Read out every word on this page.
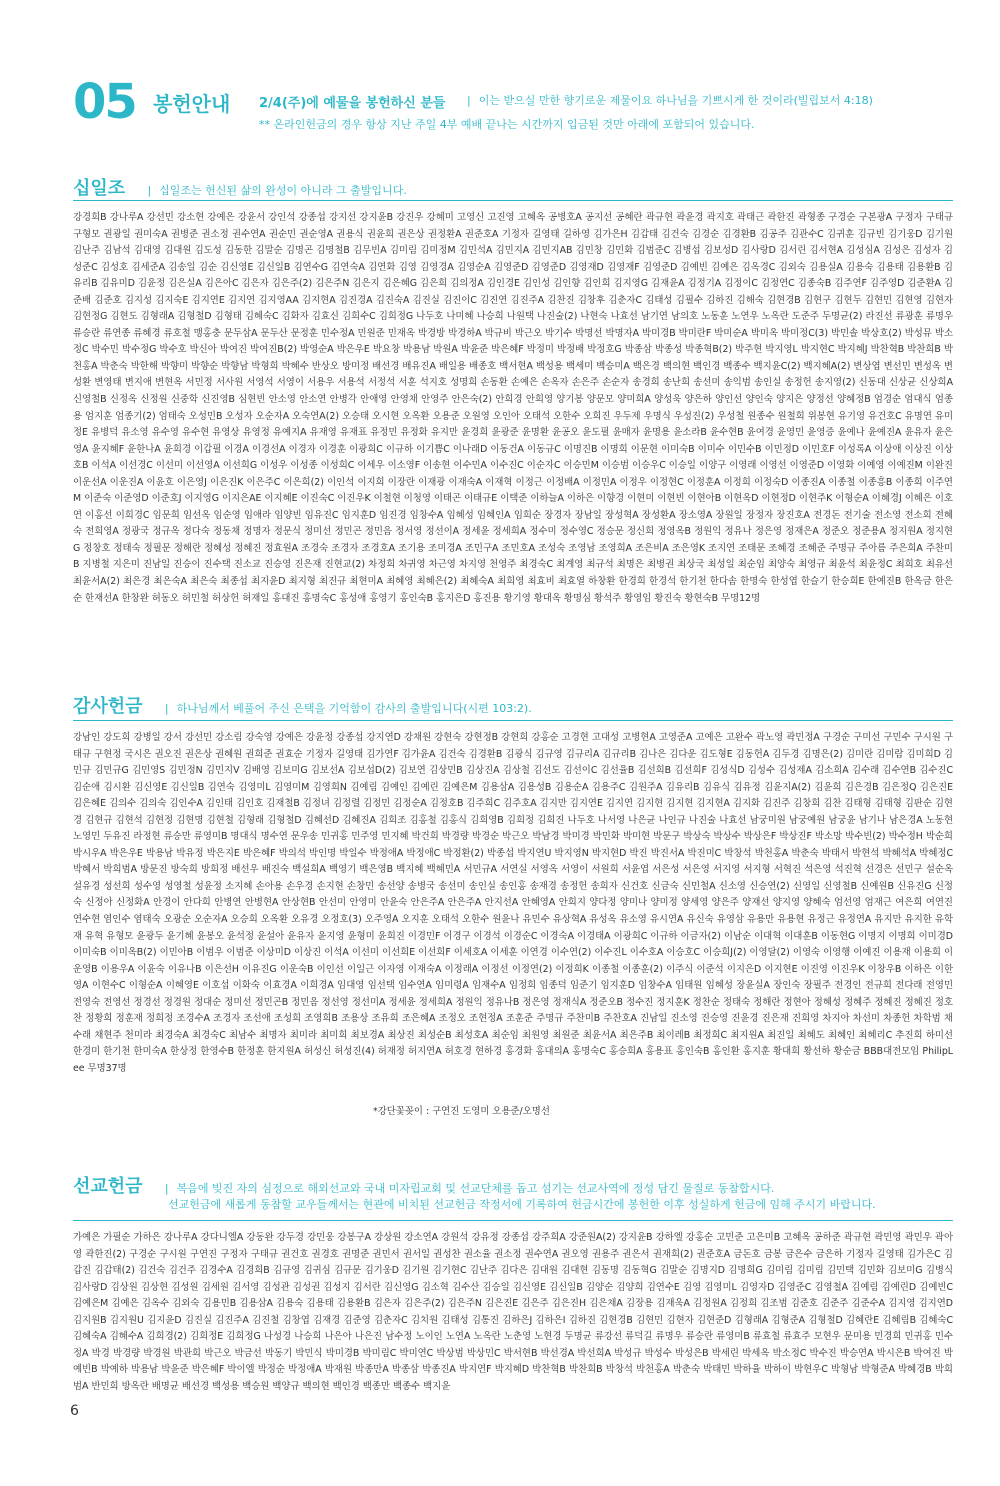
05 봉헌안내 2/4(주)에 예물을 봉헌하신 분들	| 이는 받으실 만한 향기로운 제물이요 하나님을 기쁘시게 한 것이라(빌립보서 4:18)
** 온라인헌금의 경우 항상 지난 주일 4부 예배 끝나는 시간까지 입금된 것만 아래에 포함되어 있습니다.
십일조 | 십일조는 헌신된 삶의 완성이 아니라 그 출발입니다.
강경희B 강나루A 강선민 강소현 강예은 강윤서 강인석 강종섭 강지선 강지윤B 강진우 강혜미 고영신 고진영 고혜옥 공병호A 공지선 공혜란 곽규현 곽윤경 곽지호 곽태근 곽한진 곽형종 구경순 구본광A 구정자 구태규 구형모 권광일 권미숙A 권병준 권소정 권수연A 권순민 권순영A 권용식 권윤희 권은상 권정환A 권준호A 기정자 길영태 길하영 김가은H 김갑태 김건숙 김경순 김경환B 김공주 김관수C 김귀훈 김규빈 김기웅D 김기원 김난주 김남석 김대영 김대원 김도성 김동한 김말순 김명곤 김명철B 김무빈A 김미림 김미정M 김민석A 김민지A 김민지AB 김민창 김민화 김범준C 김병섭 김보성D 김사랑D 김서린 김서현A 김성심A 김성은 김성자 김성준C 김성호 김세준A 김송일 김순 김신영E 김신일B 김연수G 김연숙A 김연화 김영 김영경A 김영순A 김영준D 김영준D 김영재D 김영재F 김영준D 김예빈 김예은 김옥경C 김외숙 김용실A 김용숙 김용태 김용환B 김유리B 김유미D 김윤정 김은실A 김은아C 김은자 김은주(2) 김은주N 김은지 김은혜G 김은희 김의정A 김인경E 김인성 김인향 김인희 김지영G 김재윤A 김정기A 김정이C 김정연C 김종숙B 김주연F 김주영D 김준환A 김준배 김준호 김지성 김지숙E 김지연E 김지연 김지영AA 김지현A 김진경A 김진숙A 김진실 김진이C 김진연 김진주A 김찬진 김창후 김춘자C 김태성 김필수 김하진 김해숙 김현경B 김현구 김현두 김현민 김현영 김현자 김현정G 김현도 김형래A 김형철D 김형태 김혜숙C 김화자 김효신 김희수C 김희정G 나두호 나미혜 나승희 나원택 나진술(2) 나현숙 나효선 남기연 남의호 노동훈 노연우 노옥란 도준주 두명균(2) 라진선 류광훈 류명우 류승란 류연종 류혜경 류호철 맹홍충 문두삼A 문두산 문정훈 민수정A 민원준 민재옥 박경방 박경하A 박규비 박근오 박기수 박명선 박명자A 박미경B 박미란F 박미순A 박미옥 박미정C(3) 박민솔 박상호(2) 박성뮤 박소정C 박수민 박수정G 박수호 박신아 박여진 박여진B(2) 박영순A 박은우E 박요창 박용남 박원A 박윤준 박은혜F 박정미 박정배 박정호G 박종삼 박종성 박종혁B(2) 박주현 박지영L 박지현C 박지혜J 박찬혁B 박찬희B 박천홍A 박춘숙 박한해 박향미 박향순 박향남 박형희 박혜수 반상오 방미정 배선경 배유진A 배일용 배종호 백서현A 백성용 백세미 백승미A 백은경 백의현 백인경 백종수 백지윤C(2) 백지혜A(2) 변상엽 변선민 변성옥 변성환 변영태 변지애 변현옥 서민정 서사원 서영석 서영이 서용우 서용석 서정석 서훈 석지호 성명희 손동환 손예은 손옥자 손은주 손순자 송경희 송난희 송선미 송익범 송인실 송정헌 송지영(2) 신동대 신상균 신상희A 신영철B 신정옥 신정원 신중학 신진영B 심현빈 안소영 안소연 안병각 안애영 안영채 안영주 안은숙(2) 안희경 안희영 양기봉 양문모 양미희A 양성욱 양은하 양인선 양인숙 양지은 양정선 양혜정B 엄경순 엄대식 엄종용 엄지훈 엄종기(2) 엄태숙 오성민B 오성자 오순자A 오숙연A(2) 오승태 오시현 오옥환 오용준 오원영 오인아 오태석 오한수 오희진 우두제 우명식 우성진(2) 우성철 원종수 원철희 위봉현 유기영 유건호C 유명연 유미정E 유병덕 유소영 유수영 유수현 유영상 유영정 유예지A 유재영 유재표 유정민 유정화 유지만 윤경희 윤광준 윤명환 윤공오 윤도필 윤매자 윤명용 윤소라B 윤수현B 윤여경 윤영민 윤영증 윤예나 윤예진A 윤유자 윤은영A 윤지혜F 윤한나A 윤희경 이갑필 이경A 이경선A 이경자 이경훈 이광희C 이규하 이기쁨C 이나래D 이동건A 이동규C 이명진B 이명희 이문현 이미숙B 이미수 이민수B 이민정D 이민호F 이성록A 이상애 이상진 이상호B 이석A 이선경C 이선미 이선영A 이선희G 이성우 이성종 이성희C 이세우 이소영F 이송현 이수민A 이수진C 이순자C 이승민M 이승범 이승우C 이승일 이양구 이영래 이영선 이영준D 이영화 이예영 이예진M 이완진 이운선A 이운진A 이윤호 이은영J 이은진K 이은주C 이은희(2) 이인석 이지희 이장란 이재광 이재숙A 이재혁 이정근 이정배A 이정민A 이정우 이정현C 이정훈A 이정희 이정숙D 이종진A 이종철 이종흥B 이종희 이주연M 이준숙 이준영D 이준호J 이지영G 이지은AE 이지혜E 이진숙C 이진우K 이철현 이청영 이태곤 이태규E 이택준 이하늘A 이하은 이향경 이현미 이현빈 이현아B 이현옥D 이현정D 이현주K 이형순A 이혜경J 이혜은 이호연 이홍선 이희경C 임문희 임선옥 임순영 임애라 임양빈 임유진C 임지훈D 임진경 임창수A 임혜성 임혜인A 임희순 장경자 장남일 장성혁A 장성환A 장소영A 장원일 장정자 장진호A 전경돈 전기술 전소영 전소희 전혜숙 전희영A 정광국 정규옥 정다숙 정동채 정명자 정문식 정미선 정민곤 정민음 정서영 정선이A 정세윤 정세희A 정수미 정수영C 정승문 정신희 정영옥B 정원익 정유나 정은영 정재은A 정준오 정준용A 정지원A 정지현G 정창호 정태숙 정필문 정해란 정혜성 정혜진 정효원A 조경숙 조경자 조경호A 조기용 조미경A 조민구A 조민호A 조성숙 조영남 조영희A 조은비A 조은영K 조지연 조태문 조혜경 조혜준 주명규 주아름 주은희A 주찬미B 지병철 지은미 진남일 진승이 진수택 진소교 진승영 진은재 진현교(2) 차정희 차귀영 차근영 차지영 천영주 최경숙C 최계영 최규석 최명은 최병권 최상국 최성일 최순임 최양숙 최영규 최윤석 최윤정C 최희호 최유선 최윤서A(2) 최은경 최은숙A 최은숙 최종섭 최지윤D 최지형 최진규 최현미A 최혜영 최혜은(2) 최혜숙A 최희영 최효비 최효열 하창환 한경희 한경석 한기천 한다솜 한명숙 한성엽 한슬기 한승희E 한예진B 한옥금 한은순 한재선A 한창완 허동오 허민철 허상헌 허재일 홍대진 홍명숙C 홍성애 홍영기 홍인숙B 홍지은D 홍진용 황기영 황대옥 황명심 황석주 황영임 황진숙 황현숙B 무명12명
감사헌금 | 하나님께서 베풀어 주신 은택을 기억함이 감사의 출발입니다(시편 103:2).
강남인 강도희 강병일 강서 강선민 강소림 강숙영 강예은 강윤정 강종섭 강지연D 강채원 강현숙 강현정B 강현희 강홍순 고경현 고대성 고병현A 고영준A 고예은 고완수 곽노영 곽민정A 구경순 구미선 구민수 구시원 구태규 구현정 국시은 권오진 권은상 권혜원 권희준 권효순 기정자 길영태 김가연F 김가윤A 김건숙 김경환B 김광식 김규영 김규리A 김규리B 김나은 김다운 김도형E 김동헌A 김두경 김명은(2) 김미란 김미람 김미희D 김민규 김민규G 김민영S 김민정N 김민지V 김배영 김보미G 김보선A 김보섭D(2) 김보연 김상민B 김상진A 김상철 김선도 김선이C 김선율B 김선희B 김선희F 김성식D 김성수 김성제A 김소희A 김수래 김수연B 김수진C 김순애 김시환 김신영E 김신일B 김연숙 김영미L 김영미M 김영희N 김예림 김예인 김예린 김예은M 김용삼A 김용성B 김용순A 김용주C 김원주A 김유리B 김유식 김유정 김윤지A(2) 김윤희 김은경B 김은정Q 김은진E 김은혜E 김의수 김의숙 김인수A 김인태 김인호 김재철B 김정녀 김정렬 김정민 김정순A 김정호B 김주희C 김주호A 김지만 김지연E 김지연 김지현 김지현 김지현A 김지화 김진주 김창희 김찬 김태형 김태형 김판순 김현경 김현규 김현석 김현정 김현명 김현철 김형래 김형철D 김혜선D 김혜진A 김희조 김홍철 김홍식 김희영B 김희정 김희진 나두호 나서영 나은균 나인규 나진술 나효선 남궁미원 남궁예원 남궁윤 남기나 남은경A 노동현 노영민 두유진 라정현 류승만 류영미B 명대식 명수연 문우송 민귀홍 민주영 민지혜 박건희 박경량 박경순 박근오 박남경 박미경 박민화 박미현 박문구 박상숙 박상수 박상은F 박상진F 박소망 박수빈(2) 박수정H 박순희 박시우A 박은우E 박용남 박유정 박은지E 박은혜F 박의석 박인명 박일수 박정애A 박정애C 박정환(2) 박종섭 박지연U 박지영N 박지현D 박진 박진서A 박진미C 박창석 박천홍A 박춘숙 박태서 박현석 박혜석A 박혜정C 박혜서 박희범A 방문진 방숙희 방희정 배선우 배진숙 백설희A 백영기 백은영B 백지혜 백혜민A 서민규A 서연실 서영옥 서영이 서원희 서윤엽 서은성 서은영 서지영 서지형 서혁진 석은영 석진혁 선경은 선민구 설순옥 설유경 성선희 성수영 성영철 성윤정 소지혜 손아용 손우경 손지현 손창민 송선양 송병국 송선미 송인실 송인홍 송재경 송정헌 송희자 신건호 신금숙 신민철A 신소영 신승연(2) 신영일 신영철B 신예원B 신유진G 신정숙 신정아 신정화A 안경이 안다희 안병연 안병현A 안상현B 안선미 안영미 안윤숙 안은주A 안은주A 안지선A 안혜영A 안희지 양다정 양미나 양미정 양세영 양은주 양재선 양지영 양혜숙 엄선영 엄재근 여은희 여연진 연수현 염인수 염태숙 오광순 오순자A 오승희 오옥환 오유경 오정호(3) 오주영A 오지훈 오태석 오한수 원윤나 유민수 유상혁A 유성옥 유소영 유시연A 유신숙 유영삼 유용만 유용현 유정근 유정연A 유지만 유지한 유학재 유혁 유형모 윤광두 윤기혜 윤봉오 윤석정 윤설아 윤유자 윤지영 윤형미 윤희진 이경민F 이경구 이경석 이경순C 이경숙A 이경태A 이광희C 이규하 이금자(2) 이남순 이대혁 이대훈B 이동현G 이명지 이명희 이미경D 이미숙B 이미옥B(2) 이민아B 이범우 이범준 이상미D 이상진 이석A 이선미 이선희E 이선희F 이세호A 이세훈 이연경 이수연(2) 이수진L 이수호A 이승호C 이승희J(2) 이영달(2) 이영숙 이영행 이예진 이용재 이용희 이운영B 이용우A 이윤숙 이유나B 이은선H 이유진G 이운숙B 이인선 이일근 이자영 이재숙A 이정래A 이정선 이정연(2) 이정희K 이종철 이종훈(2) 이주식 이준석 이지은D 이지현E 이진영 이진우K 이창우B 이하은 이한영A 이현수C 이형순A 이혜영E 이호섭 이화숙 이효경A 이희경A 임대영 임선택 임수연A 임미령A 임재수A 임정희 임종덕 임준기 임지훈D 임창수A 임태원 임혜성 장윤실A 장인숙 장필주 전경인 전규희 전다래 전영민 전영숙 전영선 정경선 정경원 정대순 정미선 정민곤B 정민음 정선영 정선미A 정세윤 정세희A 정원익 정유나B 정은영 정재식A 정준오B 정수진 정지훈K 정찬순 정태숙 정해란 정현아 정혜성 정혜주 정혜진 정혜진 정호찬 정황희 정훈재 정희정 조경수A 조경자 조선애 조성희 조영희B 조용상 조유희 조은혜A 조정오 조현정A 조훈준 주명규 주찬미B 주찬호A 진남일 진소영 진승영 진윤경 진은재 진희영 차지아 차선미 차종헌 차학범 채수래 채현주 천미라 최경숙A 최경숙C 최남수 최명자 최미라 최미희 최보경A 최상진 최성순B 최성호A 최순임 최원영 최원준 최윤서A 최은주B 최이레B 최정희C 최지원A 최진일 최혜도 최혜인 최혜리C 추진희 하미선 한경미 한기천 한미숙A 한상정 한영수B 한정훈 한지원A 허성신 허성진(4) 허재정 허지연A 허호경 현하경 홍경화 홍대의A 홍명숙C 홍승희A 홍용표 홍인숙B 홍인환 홍지훈 황대희 황선하 황순금 BBB대전모임 PhilipLee 무명37명
*강단꽃꽂이 : 구연진 도영미 오용준/오명선
선교헌금 | 복음에 빚진 자의 심정으로 해외선교와 국내 미자립교회 및 선교단체를 돕고 섬기는 선교사역에 정성 담긴 물질로 동참합시다.
선교헌금에 새롭게 동참할 교우들께서는 현관에 비치된 선교헌금 작정서에 기록하여 헌금시간에 봉헌한 이후 성실하게 헌금에 임해 주시기 바랍니다.
가예은 가필순 가하은 강나루A 강다니엘A 강동완 강두경 강민웅 강봉구A 강상원 강소연A 강원석 강유정 강종섭 강주희A 강준원A(2) 강지윤B 강하엘 강홍순 고민준 고은미B 고혜옥 공하준 곽규현 곽민영 곽민우 곽아영 곽한진(2) 구경순 구시원 구연진 구정자 구태규 권건호 권경호 권명준 권민서 권서일 권성찬 권소율 권소정 권수연A 권오영 권용주 권은서 권재희(2) 권준호A 금돈호 금봉 금은수 금은하 기정자 길영태 김가은C 김갑진 김갑태(2) 김건숙 김건주 김경수A 김경희B 김규영 김귀심 김규문 김기웅D 김기원 김기현C 김난주 김다은 김대원 김대현 김동명 김동혁G 김말순 김명지D 김명희G 김미림 김미림 김민택 김민화 김보미G 김병식 김사랑D 김상원 김상현 김성원 김세원 김서영 김성관 김성권 김성지 김서란 김신영G 김소혁 김수산 김승일 김신영E 김신일B 김양순 김양희 김연수E 김영 김영미L 김영자D 김영준C 김영철A 김예림 김예린D 김예빈C 김예은M 김예은 김옥수 김외숙 김용민B 김용삼A 김용숙 김용태 김용환B 김은자 김은주(2) 김은주N 김은진E 김은주 김은진H 김은채A 김장용 김재욱A 김정원A 김정희 김조범 김준호 김준주 김준수A 김지영 김지연D 김지원B 김지원U 김지윤D 김진실 김진주A 김진철 김창엽 김재경 김준영 김춘자C 김치원 김태성 김통진 김하은J 김하은I 김하진 김현경B 김현민 김현자 김현준D 김형래A 김형준A 김형철D 김혜란E 김혜림B 김혜숙C 김혜숙A 김혜수A 김희경(2) 김희정E 김희정G 나성경 나승희 나은아 나은진 남수정 노이인 노연A 노옥란 노춘영 노현경 두명균 류강선 류덕길 류명우 류승란 류영미B 류효철 류효주 모현우 문미용 민경희 민귀홍 민수정A 박경 박경량 박경원 박관희 박근오 박금선 박동기 박민식 박미경B 박미림C 박미연C 박상범 박상민C 박서현B 박선경A 박선희A 박성규 박성수 박성은B 박세린 박세옥 박소정C 박수진 박승연A 박시은B 박여진 박예빈B 박예하 박용남 박윤준 박은혜F 박이엘 박정순 박정애A 박재원 박종만A 박종삼 박종진A 박지연F 박지혜D 박찬혁B 박찬희B 박창석 박천홍A 박춘숙 박태민 박하율 박하이 박현우C 박형남 박형준A 박혜경B 박희범A 반민희 방옥란 배명균 배선경 백성용 백승원 백양규 백의현 백인경 백종만 백종수 백지윤
6
